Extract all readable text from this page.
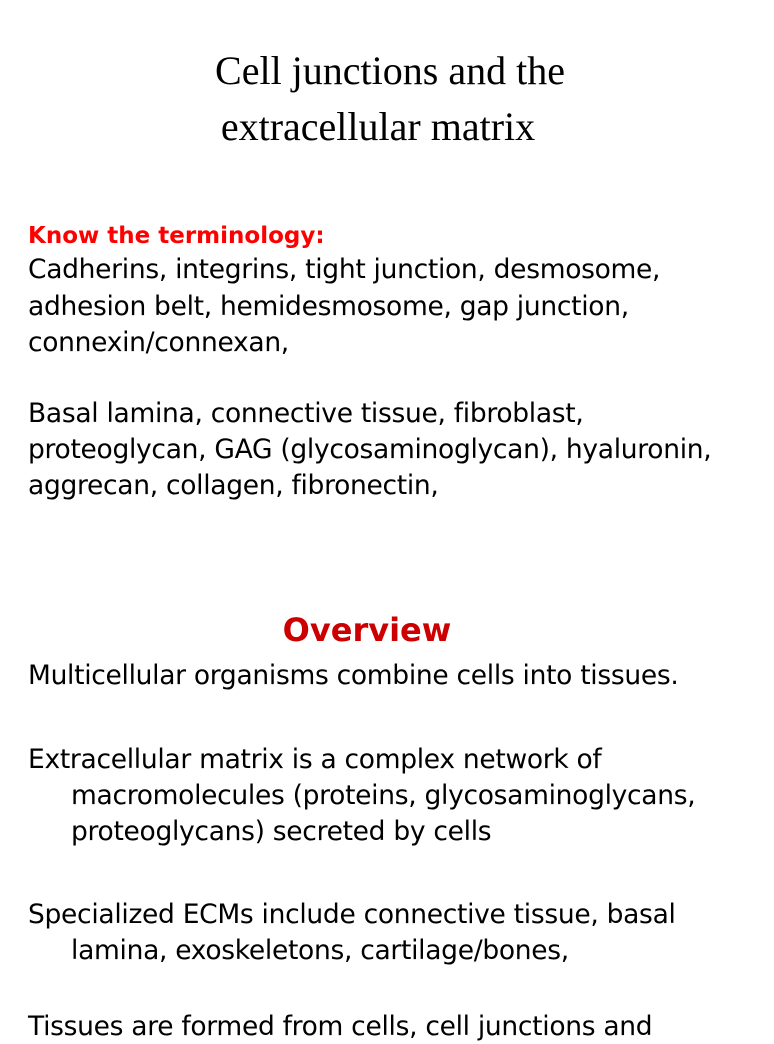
Cell junctions and the
extracellular matrix
Know the terminology:
Cadherins, integrins, tight junction, desmosome,
adhesion belt, hemidesmosome, gap junction,
connexin/connexan,
Basal lamina, connective tissue, fibroblast,
proteoglycan, GAG (glycosaminoglycan), hyaluronin,
aggrecan, collagen, fibronectin,
Overview
Multicellular organisms combine cells into tissues.
Extracellular matrix is a complex network of
macromolecules (proteins, glycosaminoglycans,
proteoglycans) secreted by cells
Specialized ECMs include connective tissue, basal
lamina, exoskeletons, cartilage/bones,
Tissues are formed from cells, cell junctions and
